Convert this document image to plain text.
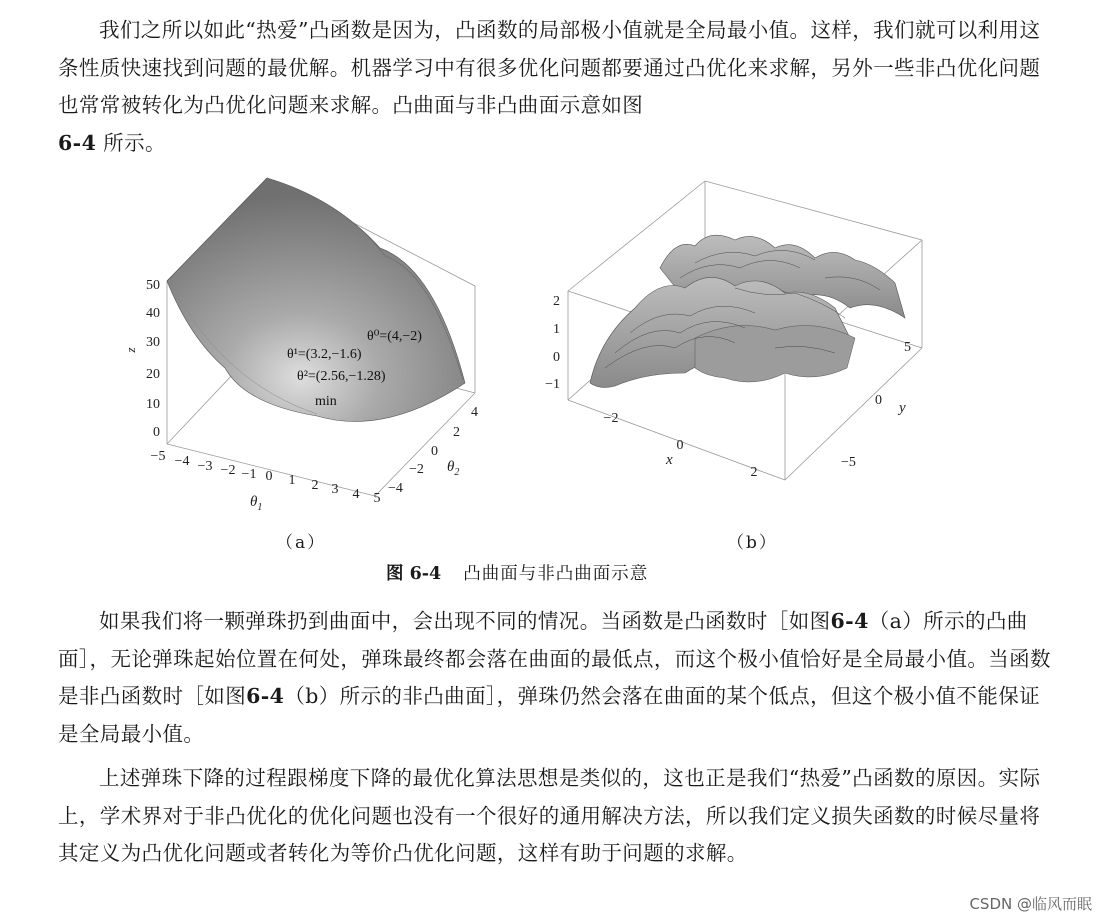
我们之所以如此“热爱”凸函数是因为，凸函数的局部极小值就是全局最小值。这样，我们就可以利用这条性质快速找到问题的最优解。机器学习中有很多优化问题都要通过凸优化来求解，另外一些非凸优化问题也常常被转化为凸优化问题来求解。凸曲面与非凸曲面示意如图
6-4 所示。

50
40
30
20
10
0
z
−5 −4 −3 −2 −1 0 1 2 3 4 5
$\theta_1$
4
2
0
−2
−4
$\theta_2$
θ⁰=(4,−2)
θ¹=(3.2,−1.6)
θ²=(2.56,−1.28)
min
2
1
0
−1
−2
0
2
x
5
0
−5
y
（a）	（b）
图 6-4 凸曲面与非凸曲面示意

如果我们将一颗弹珠扔到曲面中，会出现不同的情况。当函数是凸函数时［如图6-4（a）所示的凸曲面］，无论弹珠起始位置在何处，弹珠最终都会落在曲面的最低点，而这个极小值恰好是全局最小值。当函数是非凸函数时［如图6-4（b）所示的非凸曲面］，弹珠仍然会落在曲面的某个低点，但这个极小值不能保证是全局最小值。

上述弹珠下降的过程跟梯度下降的最优化算法思想是类似的，这也正是我们“热爱”凸函数的原因。实际上，学术界对于非凸优化的优化问题也没有一个很好的通用解决方法，所以我们定义损失函数的时候尽量将其定义为凸优化问题或者转化为等价凸优化问题，这样有助于问题的求解。

CSDN @临风而眠
